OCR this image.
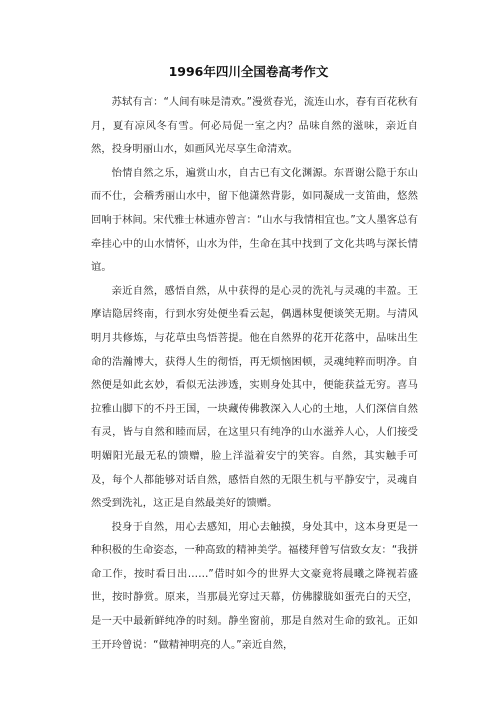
1996年四川全国卷高考作文

苏轼有言：“人间有味是清欢。”漫赏春光，流连山水，春有百花秋有月，夏有凉风冬有雪。何必局促一室之内？品味自然的滋味，亲近自然，投身明丽山水，如画风光尽享生命清欢。

怡情自然之乐，遍赏山水，自古已有文化渊源。东晋谢公隐于东山而不仕，会稽秀丽山水中，留下他潇然背影，如同凝成一支笛曲，悠然回响于林间。宋代雅士林逋亦曾言：“山水与我情相宜也。”文人墨客总有牵挂心中的山水情怀，山水为伴，生命在其中找到了文化共鸣与深长情谊。

亲近自然，感悟自然，从中获得的是心灵的洗礼与灵魂的丰盈。王摩诘隐居终南，行到水穷处便坐看云起，偶遇林叟便谈笑无期。与清风明月共修炼，与花草虫鸟悟菩提。他在自然界的花开花落中，品味出生命的浩瀚博大，获得人生的彻悟，再无烦恼困顿，灵魂纯粹而明净。自然便是如此玄妙，看似无法涉透，实则身处其中，便能获益无穷。喜马拉雅山脚下的不丹王国，一块藏传佛教深入人心的土地，人们深信自然有灵，皆与自然和睦而居，在这里只有纯净的山水滋养人心，人们接受明媚阳光最无私的馈赠，脸上洋溢着安宁的笑容。自然，其实触手可及，每个人都能够对话自然，感悟自然的无限生机与平静安宁，灵魂自然受到洗礼，这正是自然最美好的馈赠。

投身于自然，用心去感知，用心去触摸，身处其中，这本身更是一种积极的生命姿态，一种高致的精神美学。福楼拜曾写信致女友：“我拼命工作，按时看日出……”借时如今的世界大文豪竟将晨曦之降视若盛世，按时静赏。原来，当那晨光穿过天幕，仿佛朦胧如蛋壳白的天空，是一天中最新鲜纯净的时刻。静坐窗前，那是自然对生命的致礼。正如王开玲曾说：“做精神明亮的人。”亲近自然，
